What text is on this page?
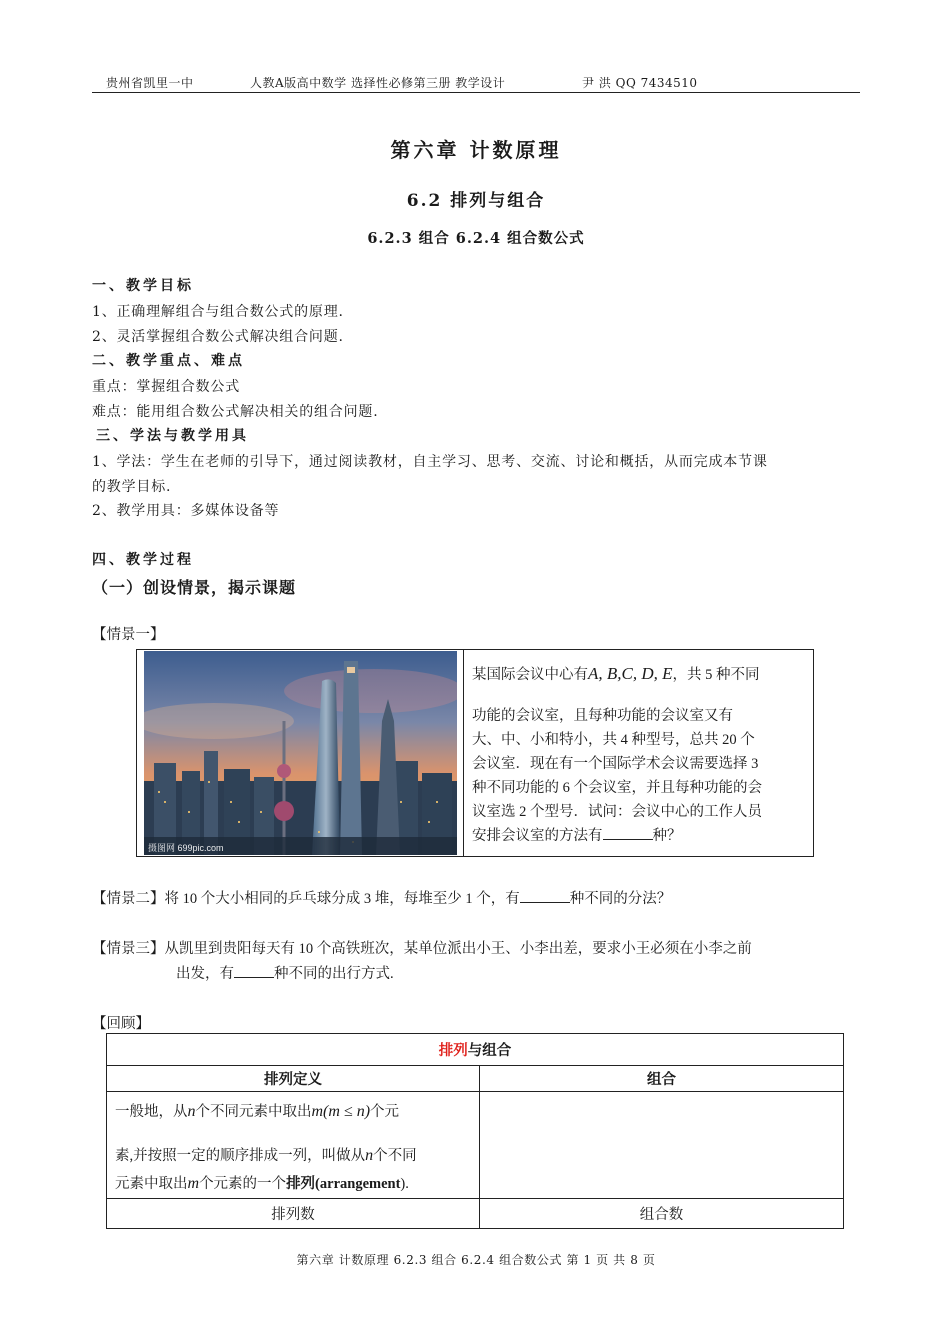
贵州省凯里一中	人教A版高中数学 选择性必修第三册 教学设计	尹 洪 QQ 7434510
第六章 计数原理
6.2 排列与组合
6.2.3 组合 6.2.4 组合数公式
一、教学目标
1、正确理解组合与组合数公式的原理.
2、灵活掌握组合数公式解决组合问题.
二、教学重点、难点
重点：掌握组合数公式
难点：能用组合数公式解决相关的组合问题.
三、学法与教学用具
1、学法：学生在老师的引导下，通过阅读教材，自主学习、思考、交流、讨论和概括，从而完成本节课
的教学目标.
2、教学用具：多媒体设备等
四、教学过程
（一）创设情景，揭示课题
【情景一】
摄图网 699pic.com
某国际会议中心有A, B,C, D, E，共 5 种不同
功能的会议室，且每种功能的会议室又有
大、中、小和特小，共 4 种型号，总共 20 个
会议室．现在有一个国际学术会议需要选择 3
种不同功能的 6 个会议室，并且每种功能的会
议室选 2 个型号．试问：会议中心的工作人员
安排会议室的方法有	种？
【情景二】将 10 个大小相同的乒乓球分成 3 堆，每堆至少 1 个，有	种不同的分法？
【情景三】从凯里到贵阳每天有 10 个高铁班次，某单位派出小王、小李出差，要求小王必须在小李之前
出发，有	种不同的出行方式.
【回顾】
排列与组合	
排列定义	组合

一般地，从n个不同元素中取出m(m ≤ n)个元
素,并按照一定的顺序排成一列，叫做从n个不同
元素中取出m个元素的一个排列(arrangement).	

排列数	组合数
第六章 计数原理 6.2.3 组合 6.2.4 组合数公式 第 1 页 共 8 页
